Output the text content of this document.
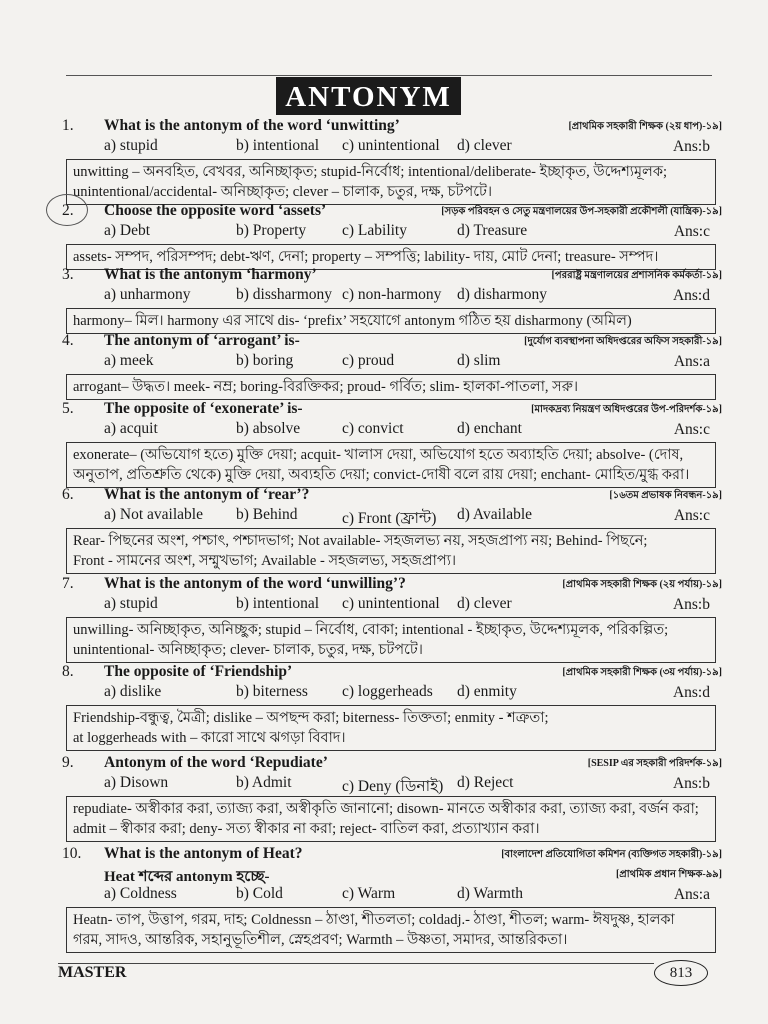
ANTONYM
1. What is the antonym of the word ‘unwitting’	[প্রাথমিক সহকারী শিক্ষক (২য় ধাপ)-১৯]
a) stupid	b) intentional c) unintentional d) clever	Ans:b
unwitting – অনবহিত, বেখবর, অনিচ্ছাকৃত; stupid-নির্বোধ; intentional/deliberate- ইচ্ছাকৃত, উদ্দেশ্যমূলক;
unintentional/accidental- অনিচ্ছাকৃত; clever – চালাক, চতুর, দক্ষ, চটপটে।
2. Choose the opposite word ‘assets’	[সড়ক পরিবহন ও সেতু মন্ত্রণালয়ের উপ-সহকারী প্রকৌশলী (যান্ত্রিক)-১৯]
a) Debt	b) Property c) Lability	d) Treasure	Ans:c
assets- সম্পদ, পরিসম্পদ; debt-ঋণ, দেনা; property – সম্পত্তি; lability- দায়, মোট দেনা; treasure- সম্পদ।
3. What is the antonym ‘harmony’	[পররাষ্ট্র মন্ত্রণালয়ের প্রশাসনিক কর্মকর্তা-১৯]
a) unharmony	b) dissharmony c) non-harmony d) disharmony	Ans:d
harmony– মিল। harmony এর সাথে dis- ‘prefix’ সহযোগে antonym গঠিত হয় disharmony (অমিল)
4. The antonym of ‘arrogant’ is-	[দুর্যোগ ব্যবস্থাপনা অধিদপ্তরের অফিস সহকারী-১৯]
a) meek	b) boring	c) proud	d) slim	Ans:a
arrogant– উদ্ধত। meek- নম্র; boring-বিরক্তিকর; proud- গর্বিত; slim- হালকা-পাতলা, সরু।
5. The opposite of ‘exonerate’ is-	[মাদকদ্রব্য নিয়ন্ত্রণ অধিদপ্তরের উপ-পরিদর্শক-১৯]
a) acquit	b) absolve	c) convict	d) enchant	Ans:c
exonerate– (অভিযোগ হতে) মুক্তি দেয়া; acquit- খালাস দেয়া, অভিযোগ হতে অব্যাহতি দেয়া; absolve- (দোষ,
অনুতাপ, প্রতিশ্রুতি থেকে) মুক্তি দেয়া, অব্যহতি দেয়া; convict-দোষী বলে রায় দেয়া; enchant- মোহিত/মুগ্ধ করা।
6. What is the antonym of ‘rear’?	[১৬তম প্রভাষক নিবন্ধন-১৯]
a) Not available b) Behind	c) Front (ফ্রান্ট) d) Available	Ans:c
Rear- পিছনের অংশ, পশ্চাৎ, পশ্চাদভাগ; Not available- সহজলভ্য নয়, সহজপ্রাপ্য নয়; Behind- পিছনে;
Front - সামনের অংশ, সম্মুখভাগ; Available - সহজলভ্য, সহজপ্রাপ্য।
7. What is the antonym of the word ‘unwilling’?	[প্রাথমিক সহকারী শিক্ষক (২য় পর্যায়)-১৯]
a) stupid	b) intentional c) unintentional d) clever	Ans:b
unwilling- অনিচ্ছাকৃত, অনিচ্ছুক; stupid – নির্বোধ, বোকা; intentional - ইচ্ছাকৃত, উদ্দেশ্যমূলক, পরিকল্পিত;
unintentional- অনিচ্ছাকৃত; clever- চালাক, চতুর, দক্ষ, চটপটে।
8. The opposite of ‘Friendship’	[প্রাথমিক সহকারী শিক্ষক (৩য় পর্যায়)-১৯]
a) dislike	b) biterness c) loggerheads d) enmity	Ans:d
Friendship-বন্ধুত্ব, মৈত্রী; dislike – অপছন্দ করা; biterness- তিক্ততা; enmity - শত্রুতা;
at loggerheads with – কারো সাথে ঝগড়া বিবাদ।
9. Antonym of the word ‘Repudiate’	[SESIP এর সহকারী পরিদর্শক-১৯]
a) Disown	b) Admit	c) Deny (ডিনাই) d) Reject	Ans:b
repudiate- অস্বীকার করা, ত্যাজ্য করা, অস্বীকৃতি জানানো; disown- মানতে অস্বীকার করা, ত্যাজ্য করা, বর্জন করা;
admit – স্বীকার করা; deny- সত্য স্বীকার না করা; reject- বাতিল করা, প্রত্যাখ্যান করা।
10. What is the antonym of Heat?	[বাংলাদেশ প্রতিযোগিতা কমিশন (ব্যক্তিগত সহকারী)-১৯]
Heat শব্দের antonym হচ্ছে-	[প্রাথমিক প্রধান শিক্ষক-৯৯]
a) Coldness	b) Cold	c) Warm	d) Warmth	Ans:a
Heatn- তাপ, উত্তাপ, গরম, দাহ; Coldnessn – ঠাণ্ডা, শীতলতা; coldadj.- ঠাণ্ডা, শীতল; warm- ঈষদুষ্ণ, হালকা
গরম, সাদও, আন্তরিক, সহানুভূতিশীল, স্নেহপ্রবণ; Warmth – উষ্ণতা, সমাদর, আন্তরিকতা।
MASTER	813
